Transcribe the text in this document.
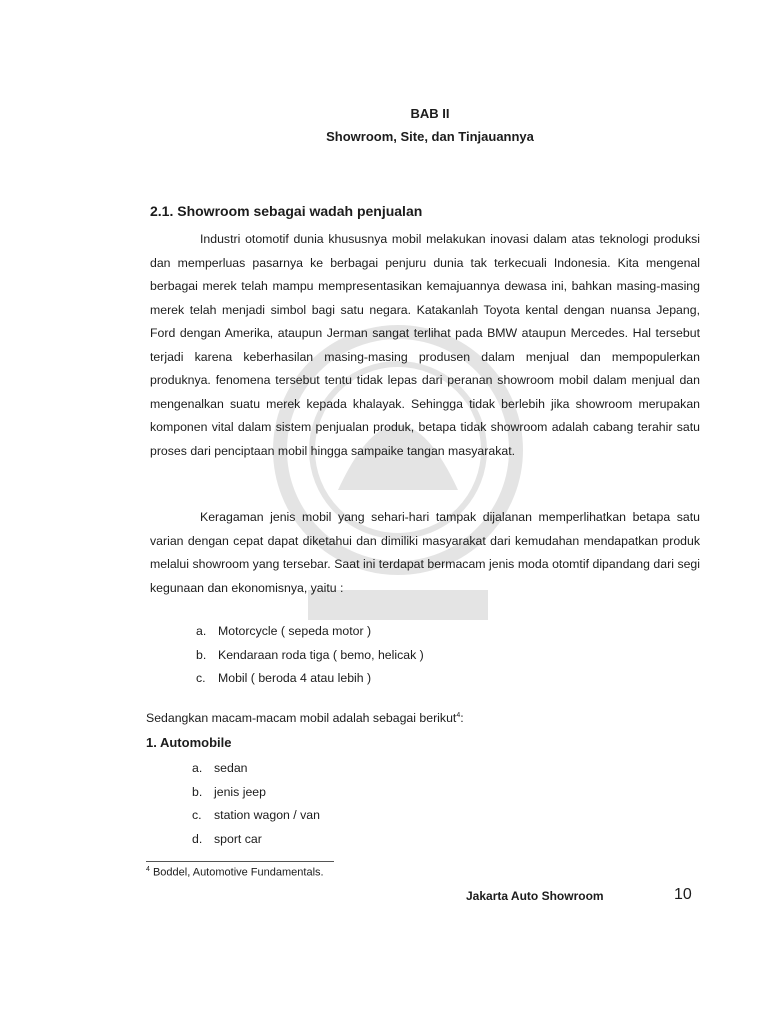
BAB II
Showroom, Site, dan Tinjauannya
2.1. Showroom sebagai wadah penjualan

Industri otomotif dunia khususnya mobil melakukan inovasi dalam atas teknologi produksi dan memperluas pasarnya ke berbagai penjuru dunia tak terkecuali Indonesia. Kita mengenal berbagai merek telah mampu mempresentasikan kemajuannya dewasa ini, bahkan masing-masing merek telah menjadi simbol bagi satu negara. Katakanlah Toyota kental dengan nuansa Jepang, Ford dengan Amerika, ataupun Jerman sangat terlihat pada BMW ataupun Mercedes. Hal tersebut terjadi karena keberhasilan masing-masing produsen dalam menjual dan mempopulerkan produknya. fenomena tersebut tentu tidak lepas dari peranan showroom mobil dalam menjual dan mengenalkan suatu merek kepada khalayak. Sehingga tidak berlebih jika showroom merupakan komponen vital dalam sistem penjualan produk, betapa tidak showroom adalah cabang terahir satu proses dari penciptaan mobil hingga sampaike tangan masyarakat.

Keragaman jenis mobil yang sehari-hari tampak dijalanan memperlihatkan betapa satu varian dengan cepat dapat diketahui dan dimiliki masyarakat dari kemudahan mendapatkan produk melalui showroom yang tersebar. Saat ini terdapat bermacam jenis moda otomtif dipandang dari segi kegunaan dan ekonomisnya, yaitu :

a. Motorcycle ( sepeda motor )
b. Kendaraan roda tiga ( bemo, helicak )
c. Mobil ( beroda 4 atau lebih )
Sedangkan macam-macam mobil adalah sebagai berikut$^4$:
1. Automobile
a. sedan
b. jenis jeep
c. station wagon / van
d. sport car
$^4$ Boddel, Automotive Fundamentals.
Jakarta Auto Showroom	10
